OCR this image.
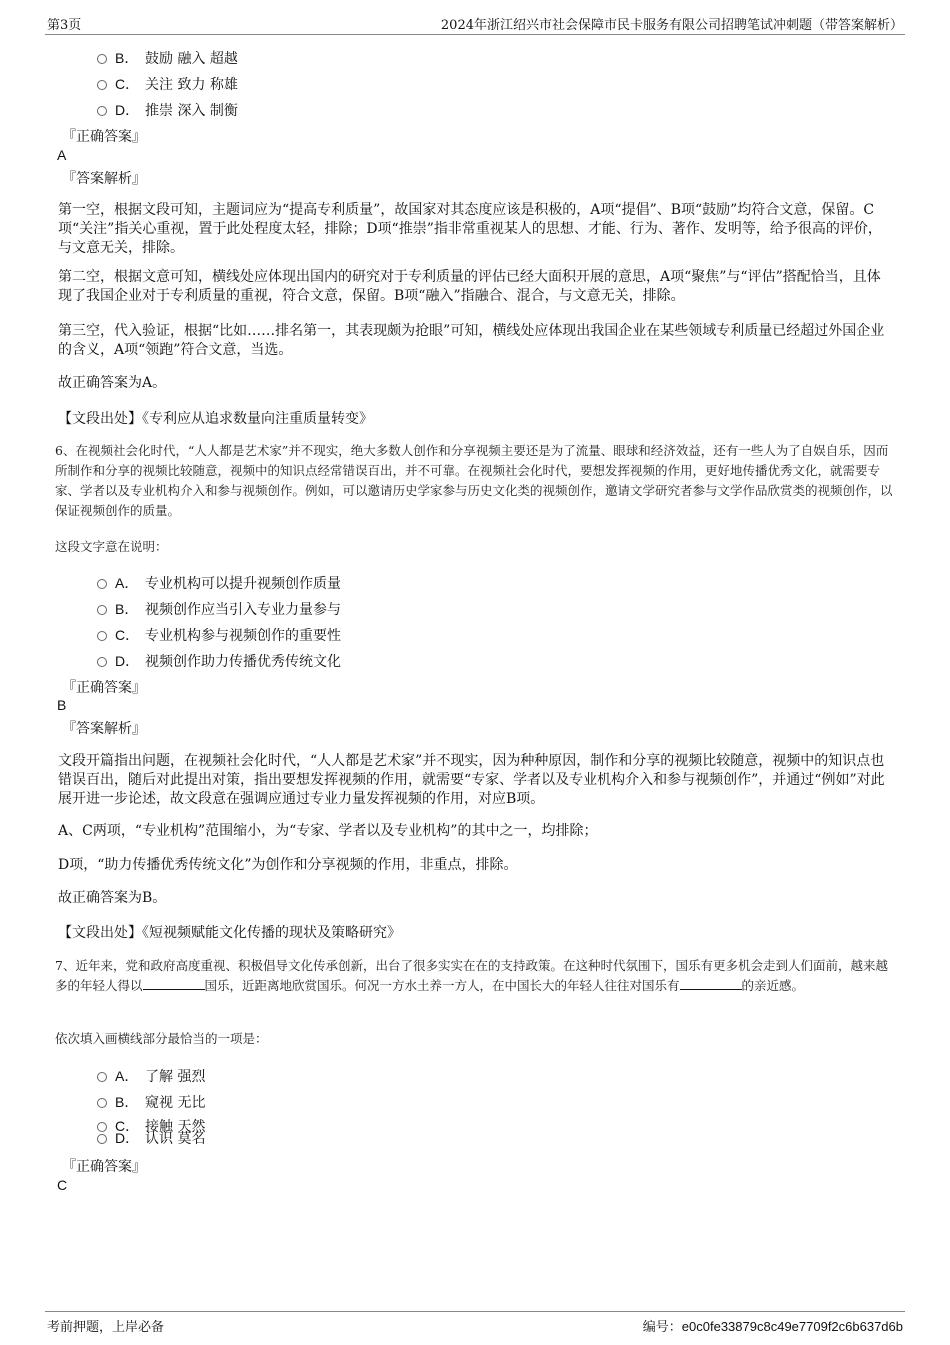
第3页	2024年浙江绍兴市社会保障市民卡服务有限公司招聘笔试冲刺题（带答案解析）
B． 鼓励 融入 超越
C． 关注 致力 称雄
D． 推崇 深入 制衡
『正确答案』
A
『答案解析』
第一空，根据文段可知，主题词应为“提高专利质量”，故国家对其态度应该是积极的，A项“提倡”、B项“鼓励”均符合文意，保留。C项“关注”指关心重视，置于此处程度太轻，排除；D项“推崇”指非常重视某人的思想、才能、行为、著作、发明等，给予很高的评价，与文意无关，排除。
第二空，根据文意可知，横线处应体现出国内的研究对于专利质量的评估已经大面积开展的意思，A项“聚焦”与“评估”搭配恰当，且体现了我国企业对于专利质量的重视，符合文意，保留。B项“融入”指融合、混合，与文意无关，排除。
第三空，代入验证，根据“比如……排名第一，其表现颇为抢眼”可知，横线处应体现出我国企业在某些领域专利质量已经超过外国企业的含义，A项“领跑”符合文意，当选。
故正确答案为A。
【文段出处】《专利应从追求数量向注重质量转变》
6、在视频社会化时代，“人人都是艺术家”并不现实，绝大多数人创作和分享视频主要还是为了流量、眼球和经济效益，还有一些人为了自娱自乐，因而所制作和分享的视频比较随意，视频中的知识点经常错误百出，并不可靠。在视频社会化时代，要想发挥视频的作用，更好地传播优秀文化，就需要专家、学者以及专业机构介入和参与视频创作。例如，可以邀请历史学家参与历史文化类的视频创作，邀请文学研究者参与文学作品欣赏类的视频创作，以保证视频创作的质量。
这段文字意在说明：
A． 专业机构可以提升视频创作质量
B． 视频创作应当引入专业力量参与
C． 专业机构参与视频创作的重要性
D． 视频创作助力传播优秀传统文化
『正确答案』
B
『答案解析』
文段开篇指出问题，在视频社会化时代，“人人都是艺术家”并不现实，因为种种原因，制作和分享的视频比较随意，视频中的知识点也错误百出，随后对此提出对策，指出要想发挥视频的作用，就需要“专家、学者以及专业机构介入和参与视频创作”，并通过“例如”对此展开进一步论述，故文段意在强调应通过专业力量发挥视频的作用，对应B项。
A、C两项，“专业机构”范围缩小，为“专家、学者以及专业机构”的其中之一，均排除；
D项，“助力传播优秀传统文化”为创作和分享视频的作用，非重点，排除。
故正确答案为B。
【文段出处】《短视频赋能文化传播的现状及策略研究》
7、近年来，党和政府高度重视、积极倡导文化传承创新，出台了很多实实在在的支持政策。在这种时代氛围下，国乐有更多机会走到人们面前，越来越多的年轻人得以	国乐，近距离地欣赏国乐。何况一方水土养一方人，在中国长大的年轻人往往对国乐有	的亲近感。
依次填入画横线部分最恰当的一项是：
A． 了解 强烈
B． 窥视 无比
C． 接触 天然
D． 认识 莫名
『正确答案』
C
考前押题，上岸必备	编号：e0c0fe33879c8c49e7709f2c6b637d6b
